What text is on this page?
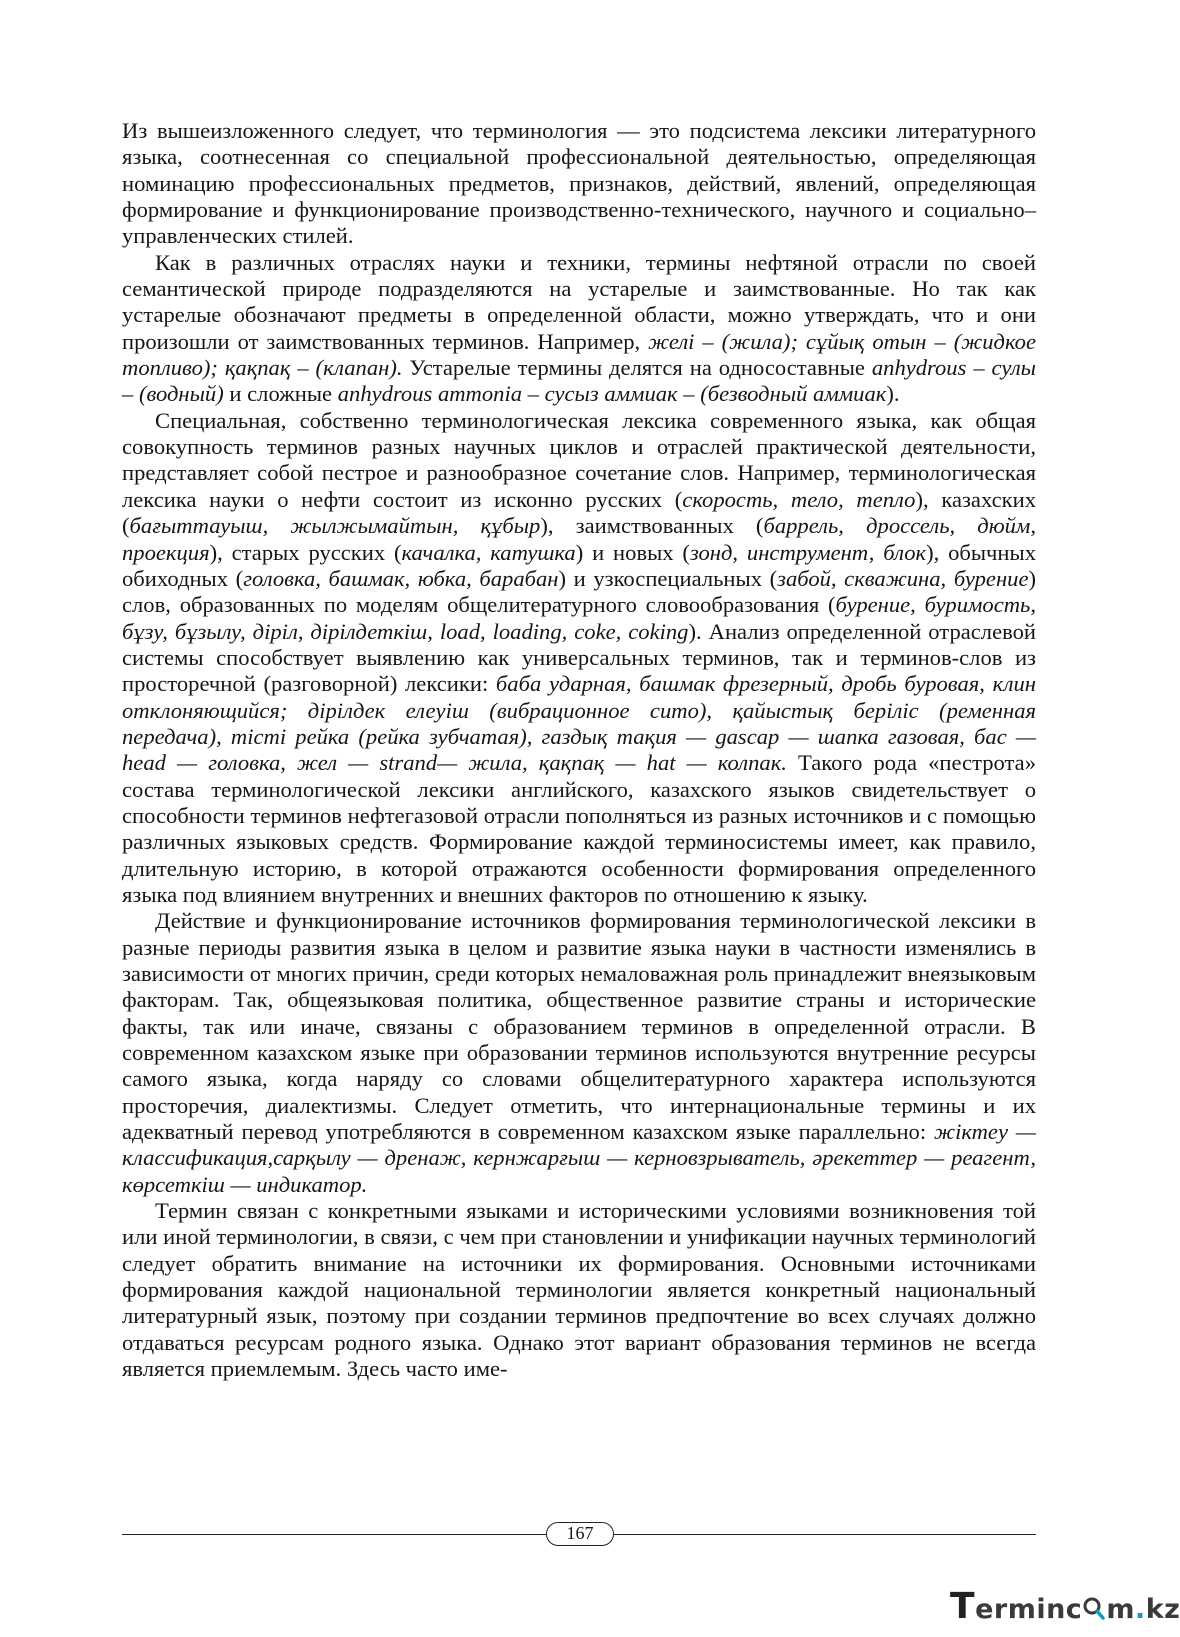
Из вышеизложенного следует, что терминология — это подсистема лексики литературного языка, соотнесенная со специальной профессиональной деятельностью, определяющая номинацию профессиональных предметов, признаков, действий, явлений, определяющая формирование и функционирование производственно-технического, научного и социально– управленческих стилей.

Как в различных отраслях науки и техники, термины нефтяной отрасли по своей семантической природе подразделяются на устарелые и заимствованные. Но так как устарелые обозначают предметы в определенной области, можно утверждать, что и они произошли от заимствованных терминов. Например, желі – (жила); сұйық отын – (жидкое топливо); қақпақ – (клапан). Устарелые термины делятся на односоставные anhydrous – сулы – (водный) и сложные anhydrous ammonia – сусыз аммиак – (безводный аммиак).

Специальная, собственно терминологическая лексика современного языка, как общая совокупность терминов разных научных циклов и отраслей практической деятельности, представляет собой пестрое и разнообразное сочетание слов. Например, терминологическая лексика науки о нефти состоит из исконно русских (скорость, тело, тепло), казахских (бағыттауыш, жылжымайтын, құбыр), заимствованных (баррель, дроссель, дюйм, проекция), старых русских (качалка, катушка) и новых (зонд, инструмент, блок), обычных обиходных (головка, башмак, юбка, барабан) и узкоспециальных (забой, скважина, бурение) слов, образованных по моделям общелитературного словообразования (бурение, буримость, бұзу, бұзылу, діріл, дірілдеткіш, load, loading, coke, coking). Анализ определенной отраслевой системы способствует выявлению как универсальных терминов, так и терминов-слов из просторечной (разговорной) лексики: баба ударная, башмак фрезерный, дробь буровая, клин отклоняющийся; дірілдек елеуіш (вибрационное сито), қайыстық беріліс (ременная передача), тісті рейка (рейка зубчатая), газдық тақия — gascap — шапка газовая, бас — head — головка, жел — strand— жила, қақпақ — hat — колпак. Такого рода «пестрота» состава терминологической лексики английского, казахского языков свидетельствует о способности терминов нефтегазовой отрасли пополняться из разных источников и с помощью различных языковых средств. Формирование каждой терминосистемы имеет, как правило, длительную историю, в которой отражаются особенности формирования определенного языка под влиянием внутренних и внешних факторов по отношению к языку.

Действие и функционирование источников формирования терминологической лексики в разные периоды развития языка в целом и развитие языка науки в частности изменялись в зависимости от многих причин, среди которых немаловажная роль принадлежит внеязыковым факторам. Так, общеязыковая политика, общественное развитие страны и исторические факты, так или иначе, связаны с образованием терминов в определенной отрасли. В современном казахском языке при образовании терминов используются внутренние ресурсы самого языка, когда наряду со словами общелитературного характера используются просторечия, диалектизмы. Следует отметить, что интернациональные термины и их адекватный перевод употребляются в современном казахском языке параллельно: жіктеу — классификация,сарқылу — дренаж, кернжарғыш — керновзрыватель, әрекеттер — реагент, көрсеткіш — индикатор.

Термин связан с конкретными языками и историческими условиями возникновения той или иной терминологии, в связи, с чем при становлении и унификации научных терминологий следует обратить внимание на источники их формирования. Основными источниками формирования каждой национальной терминологии является конкретный национальный литературный язык, поэтому при создании терминов предпочтение во всех случаях должно отдаваться ресурсам родного языка. Однако этот вариант образования терминов не всегда является приемлемым. Здесь часто име-

167
Terminc m.kz
